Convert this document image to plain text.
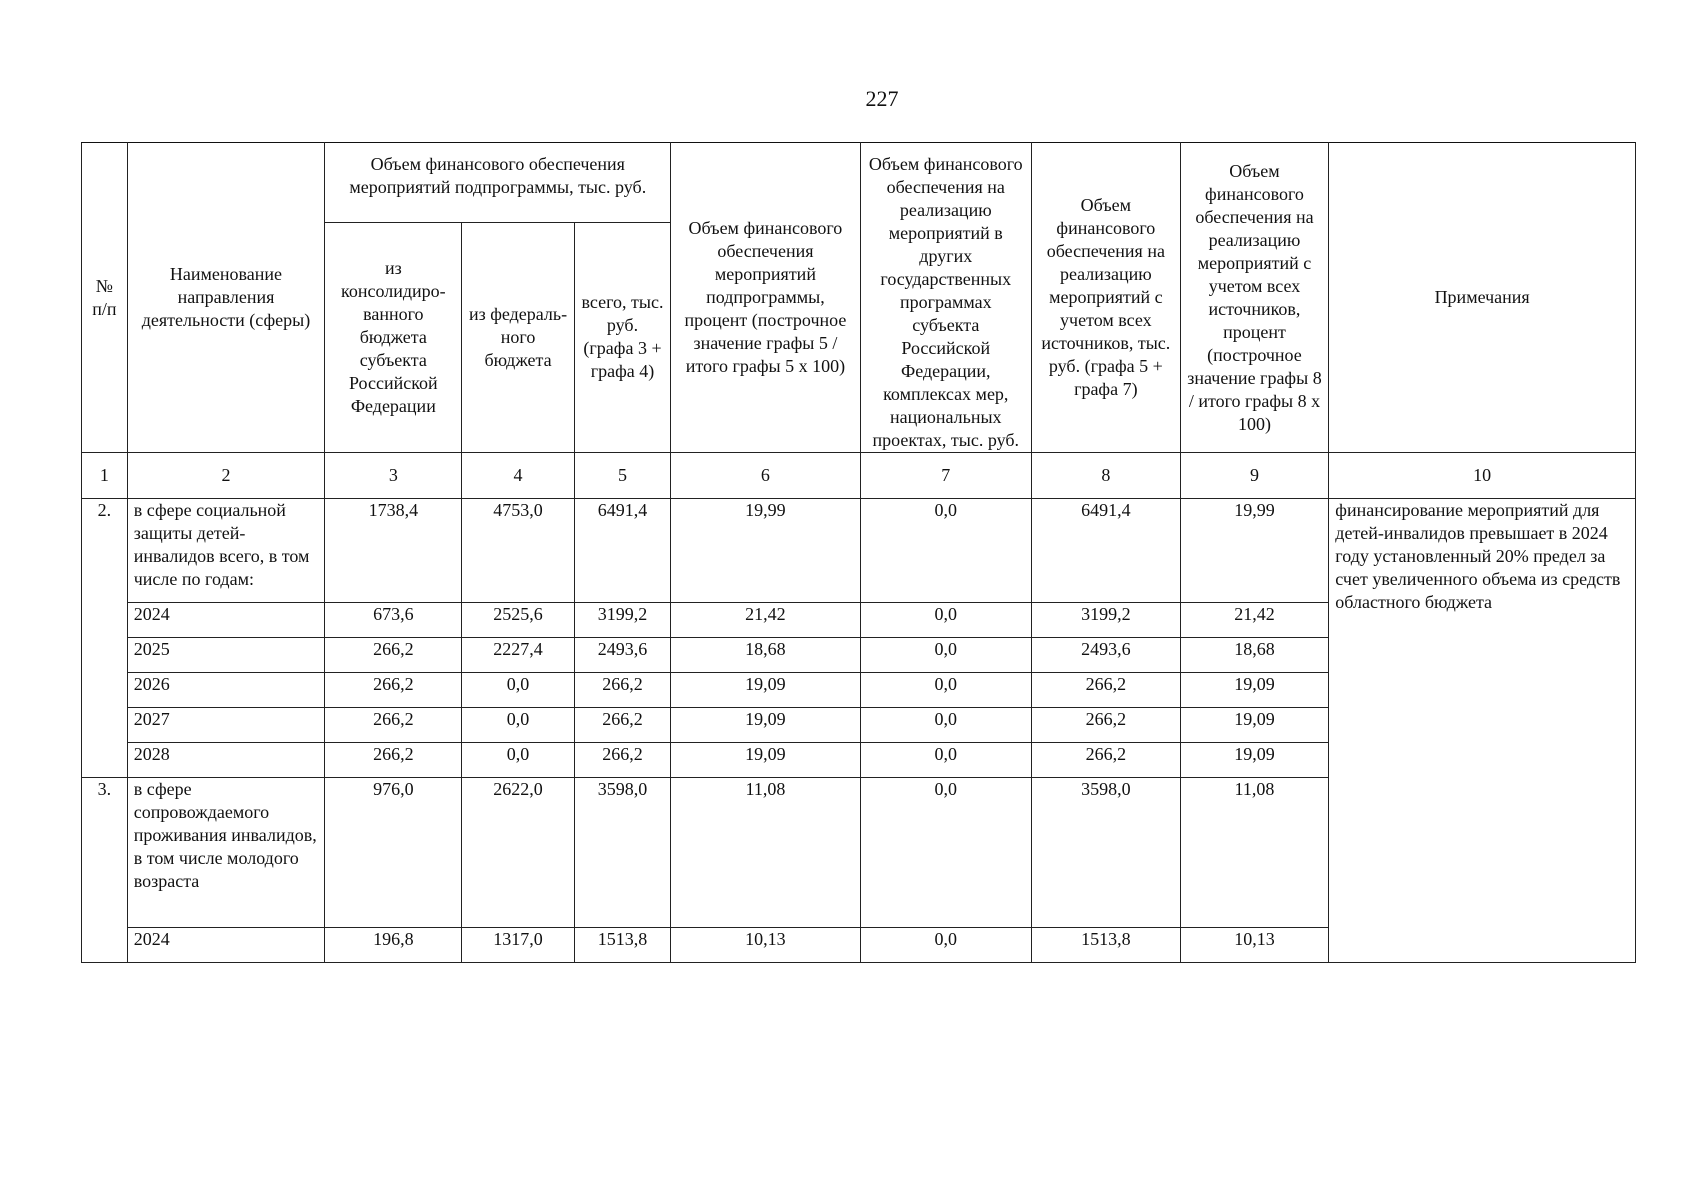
227
№ п/п	Наименование направления деятельности (сферы)	Объем финансового обеспечения мероприятий подпрограммы, тыс. руб.			Объем финансового обеспечения мероприятий подпрограммы, процент (построчное значение графы 5 / итого графы 5 х 100)	Объем финансового обеспечения на реализацию мероприятий в других государственных программах субъекта Российской Федерации, комплексах мер, национальных проектах, тыс. руб.	Объем финансового обеспечения на реализацию мероприятий с учетом всех источников, тыс. руб. (графа 5 + графа 7)	Объем финансового обеспечения на реализацию мероприятий с учетом всех источников, процент (построчное значение графы 8 / итого графы 8 х 100)	Примечания
		из консолидиро-ванного бюджета субъекта Российской Федерации	из федераль-ного бюджета	всего, тыс. руб. (графа 3 + графа 4)					
1	2	3	4	5	6	7	8	9	10
2.	в сфере социальной защиты детей-инвалидов всего, в том числе по годам:	1738,4	4753,0	6491,4	19,99	0,0	6491,4	19,99	финансирование мероприятий для детей-инвалидов превышает в 2024 году установленный 20% предел за счет увеличенного объема из средств областного бюджета
	2024	673,6	2525,6	3199,2	21,42	0,0	3199,2	21,42	
	2025	266,2	2227,4	2493,6	18,68	0,0	2493,6	18,68	
	2026	266,2	0,0	266,2	19,09	0,0	266,2	19,09	
	2027	266,2	0,0	266,2	19,09	0,0	266,2	19,09	
	2028	266,2	0,0	266,2	19,09	0,0	266,2	19,09	
3.	в сфере сопровождаемого проживания инвалидов, в том числе молодого возраста	976,0	2622,0	3598,0	11,08	0,0	3598,0	11,08	
	2024	196,8	1317,0	1513,8	10,13	0,0	1513,8	10,13	
